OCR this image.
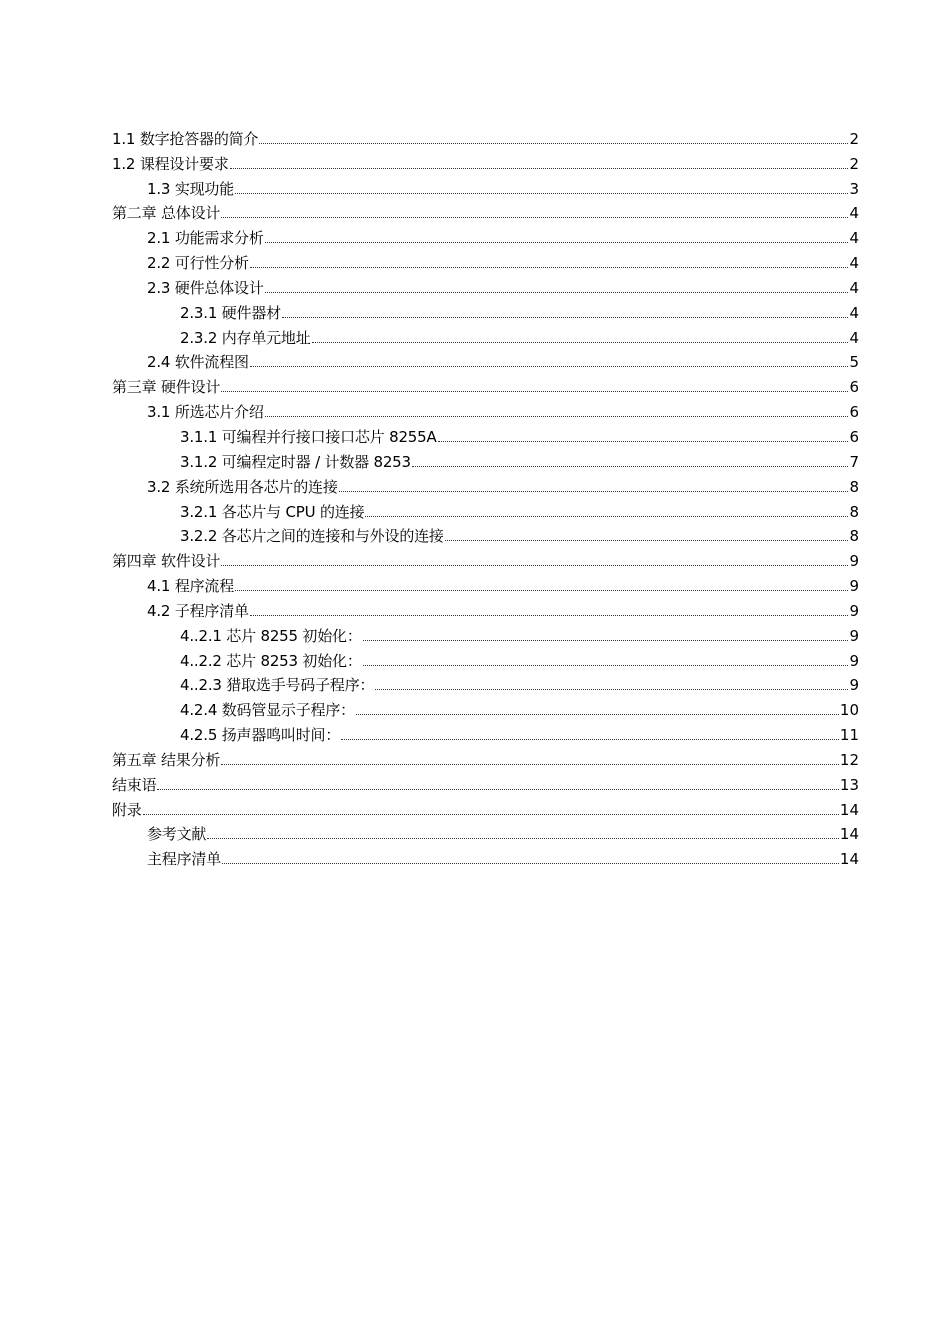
1.1 数字抢答器的简介	2
1.2 课程设计要求	2
1.3 实现功能	3
第二章 总体设计	4
2.1 功能需求分析	4
2.2 可行性分析	4
2.3 硬件总体设计	4
2.3.1 硬件器材	4
2.3.2 内存单元地址	4
2.4 软件流程图	5
第三章 硬件设计	6
3.1 所选芯片介绍	6
3.1.1 可编程并行接口接口芯片 8255A	6
3.1.2 可编程定时器 / 计数器 8253	7
3.2 系统所选用各芯片的连接	8
3.2.1 各芯片与 CPU 的连接	8
3.2.2 各芯片之间的连接和与外设的连接	8
第四章 软件设计	9
4.1 程序流程	9
4.2 子程序清单	9
4..2.1 芯片 8255 初始化：	9
4..2.2 芯片 8253 初始化：	9
4..2.3 猎取选手号码子程序：	9
4.2.4 数码管显示子程序：	10
4.2.5 扬声器鸣叫时间：	11
第五章 结果分析	12
结束语	13
附录	14
参考文献	14
主程序清单	14
